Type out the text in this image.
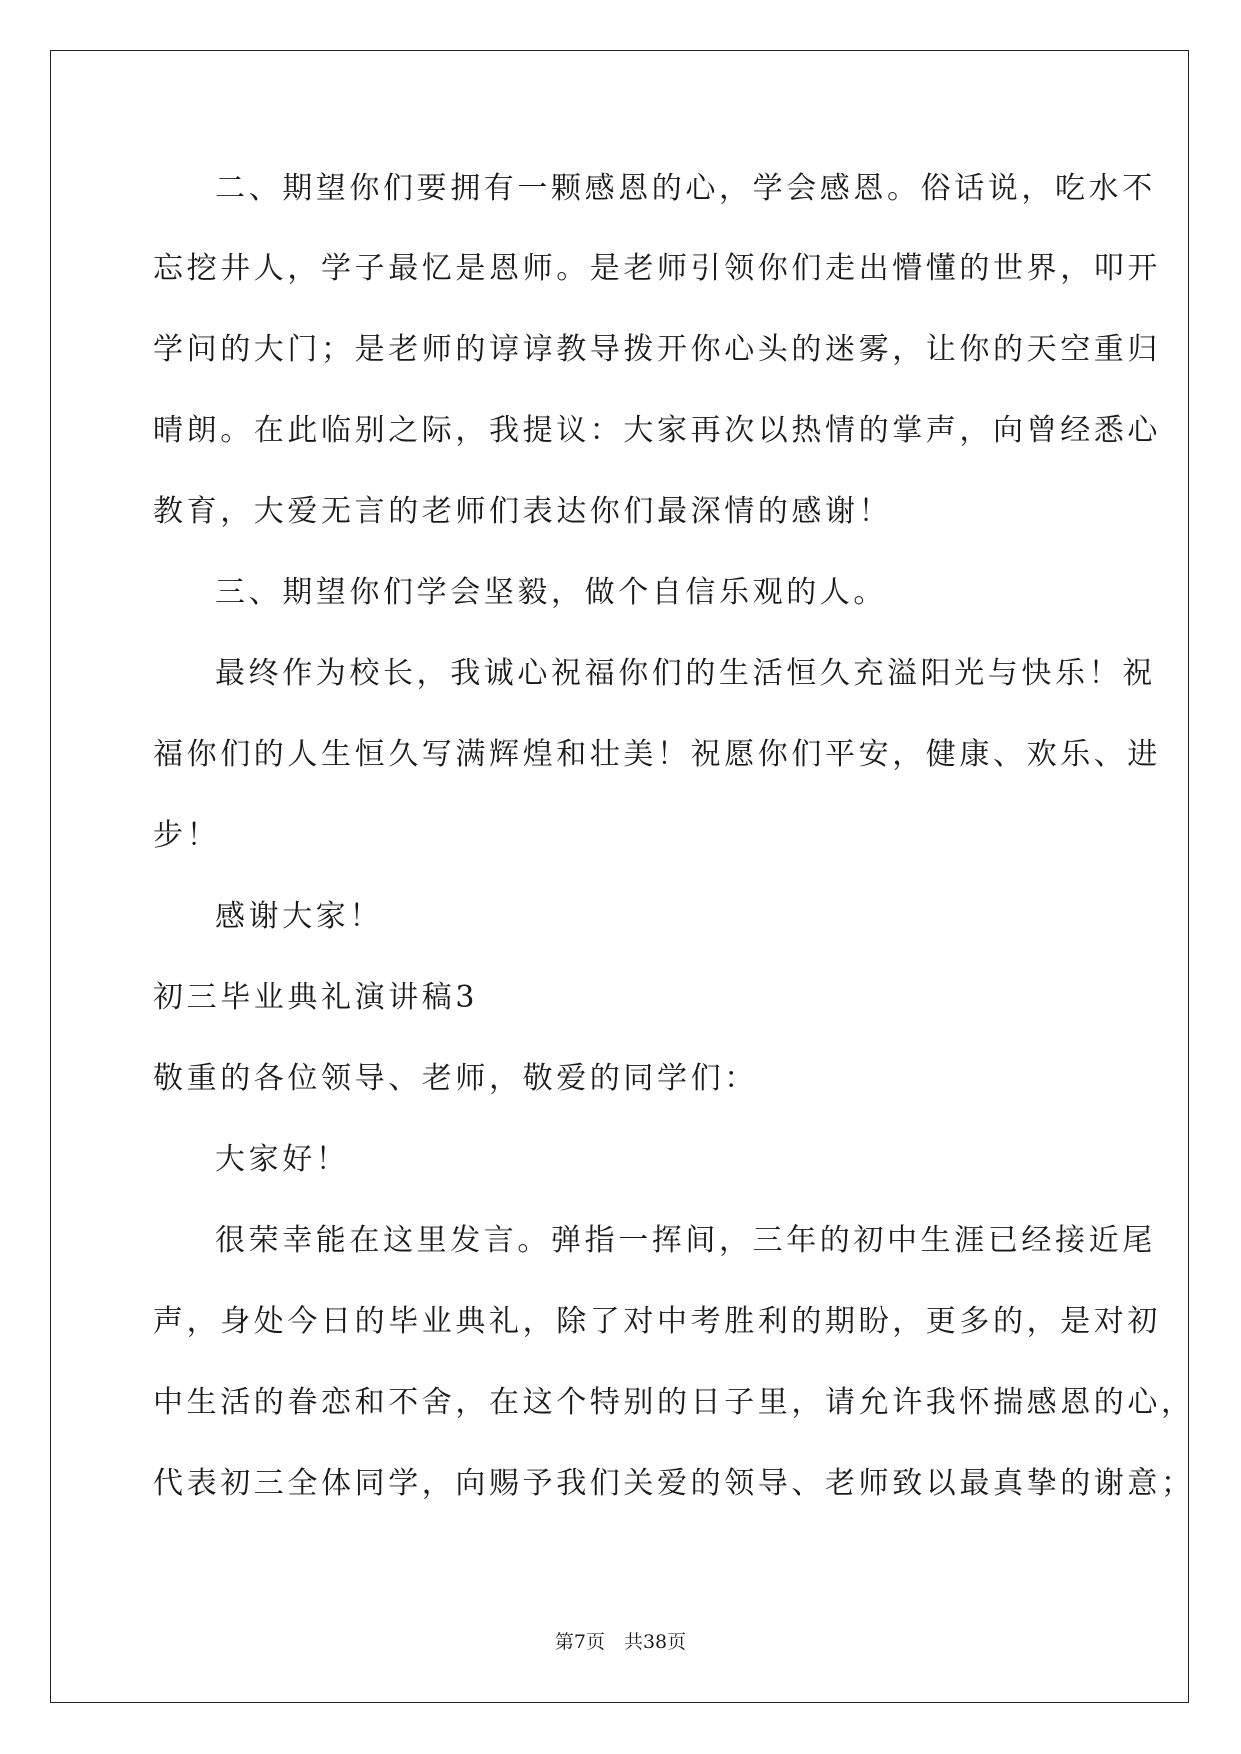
二、期望你们要拥有一颗感恩的心，学会感恩。俗话说，吃水不
忘挖井人，学子最忆是恩师。是老师引领你们走出懵懂的世界，叩开
学问的大门；是老师的谆谆教导拨开你心头的迷雾，让你的天空重归
晴朗。在此临别之际，我提议：大家再次以热情的掌声，向曾经悉心
教育，大爱无言的老师们表达你们最深情的感谢！
三、期望你们学会坚毅，做个自信乐观的人。
最终作为校长，我诚心祝福你们的生活恒久充溢阳光与快乐！祝
福你们的人生恒久写满辉煌和壮美！祝愿你们平安，健康、欢乐、进
步！
感谢大家！
初三毕业典礼演讲稿3
敬重的各位领导、老师，敬爱的同学们：
大家好！
很荣幸能在这里发言。弹指一挥间，三年的初中生涯已经接近尾
声，身处今日的毕业典礼，除了对中考胜利的期盼，更多的，是对初
中生活的眷恋和不舍，在这个特别的日子里，请允许我怀揣感恩的心，
代表初三全体同学，向赐予我们关爱的领导、老师致以最真挚的谢意；
第7页　共38页
